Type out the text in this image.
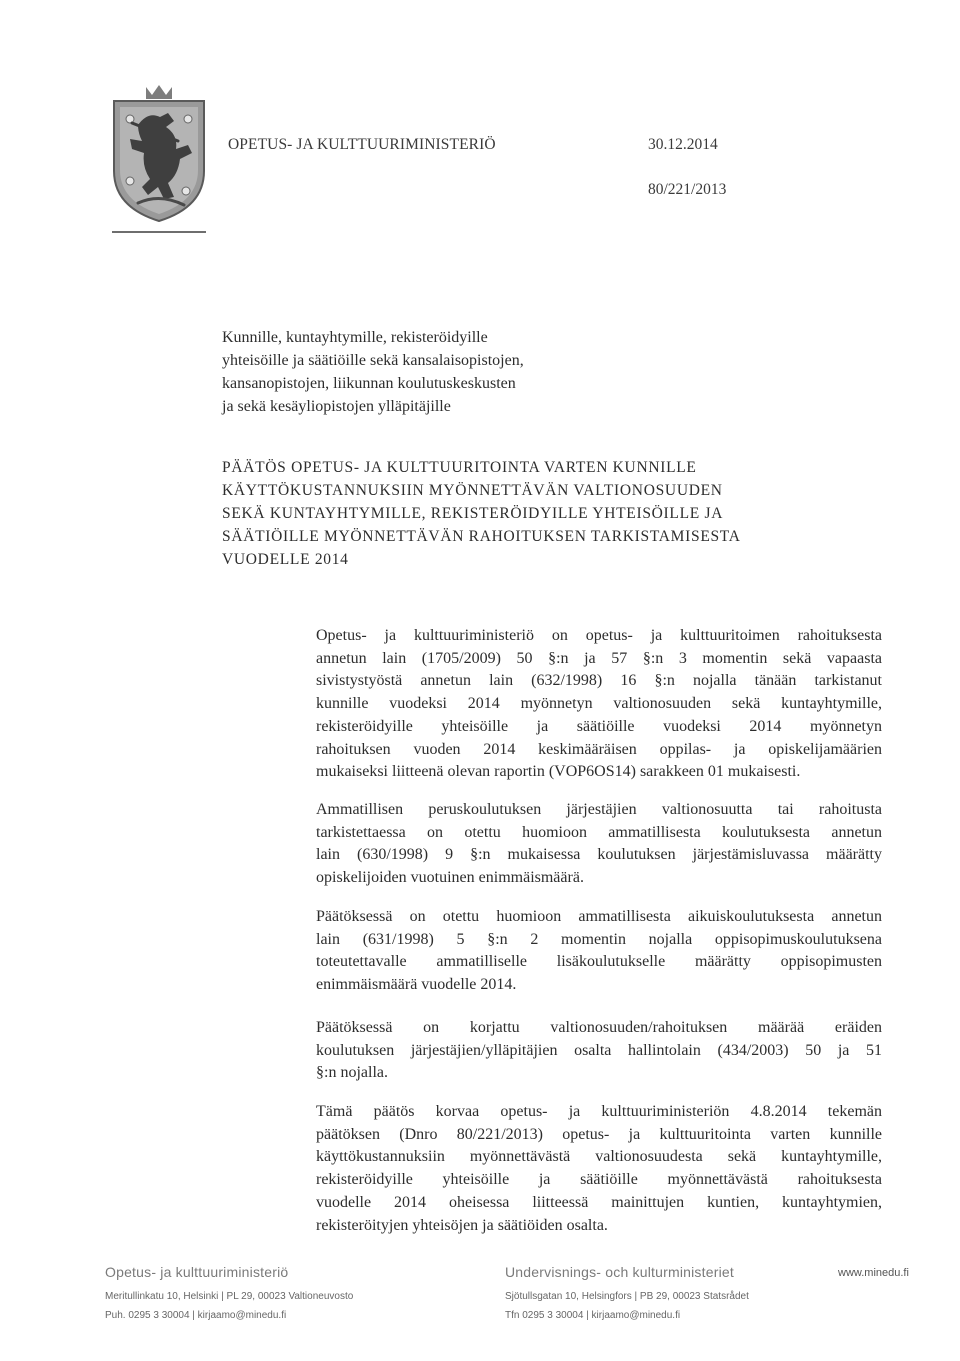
OPETUS- JA KULTTUURIMINISTERIÖ	30.12.2014
80/221/2013
Kunnille, kuntayhtymille, rekisteröidyille
yhteisöille ja säätiöille sekä kansalaisopistojen,
kansanopistojen, liikunnan koulutuskeskusten
ja sekä kesäyliopistojen ylläpitäjille
PÄÄTÖS OPETUS- JA KULTTUURITOINTA VARTEN KUNNILLE
KÄYTTÖKUSTANNUKSIIN MYÖNNETTÄVÄN VALTIONOSUUDEN
SEKÄ KUNTAYHTYMILLE, REKISTERÖIDYILLE YHTEISÖILLE JA
SÄÄTIÖILLE MYÖNNETTÄVÄN RAHOITUKSEN TARKISTAMISESTA
VUODELLE 2014
Opetus- ja kulttuuriministeriö on opetus- ja kulttuuritoimen rahoituksesta
annetun lain (1705/2009) 50 §:n ja 57 §:n 3 momentin sekä vapaasta
sivistystyöstä annetun lain (632/1998) 16 §:n nojalla tänään tarkistanut
kunnille vuodeksi 2014 myönnetyn valtionosuuden sekä kuntayhtymille,
rekisteröidyille yhteisöille ja säätiöille vuodeksi 2014 myönnetyn
rahoituksen vuoden 2014 keskimääräisen oppilas- ja opiskelijamäärien
mukaiseksi liitteenä olevan raportin (VOP6OS14) sarakkeen 01 mukaisesti.
Ammatillisen peruskoulutuksen järjestäjien valtionosuutta tai rahoitusta
tarkistettaessa on otettu huomioon ammatillisesta koulutuksesta annetun
lain (630/1998) 9 §:n mukaisessa koulutuksen järjestämisluvassa määrätty
opiskelijoiden vuotuinen enimmäismäärä.
Päätöksessä on otettu huomioon ammatillisesta aikuiskoulutuksesta annetun
lain (631/1998) 5 §:n 2 momentin nojalla oppisopimuskoulutuksena
toteutettavalle ammatilliselle lisäkoulutukselle määrätty oppisopimusten
enimmäismäärä vuodelle 2014.
Päätöksessä on korjattu valtionosuuden/rahoituksen määrää eräiden
koulutuksen järjestäjien/ylläpitäjien osalta hallintolain (434/2003) 50 ja 51
§:n nojalla.
Tämä päätös korvaa opetus- ja kulttuuriministeriön 4.8.2014 tekemän
päätöksen (Dnro 80/221/2013) opetus- ja kulttuuritointa varten kunnille
käyttökustannuksiin myönnettävästä valtionosuudesta sekä kuntayhtymille,
rekisteröidyille yhteisöille ja säätiöille myönnettävästä rahoituksesta
vuodelle 2014 oheisessa liitteessä mainittujen kuntien, kuntayhtymien,
rekisteröityjen yhteisöjen ja säätiöiden osalta.
Opetus- ja kulttuuriministeriö	Undervisnings- och kulturministeriet	www.minedu.fi
Meritullinkatu 10, Helsinki | PL 29, 00023 Valtioneuvosto
Puh. 0295 3 30004 | kirjaamo@minedu.fi
Sjötullsgatan 10, Helsingfors | PB 29, 00023 Statsrådet
Tfn 0295 3 30004 | kirjaamo@minedu.fi
